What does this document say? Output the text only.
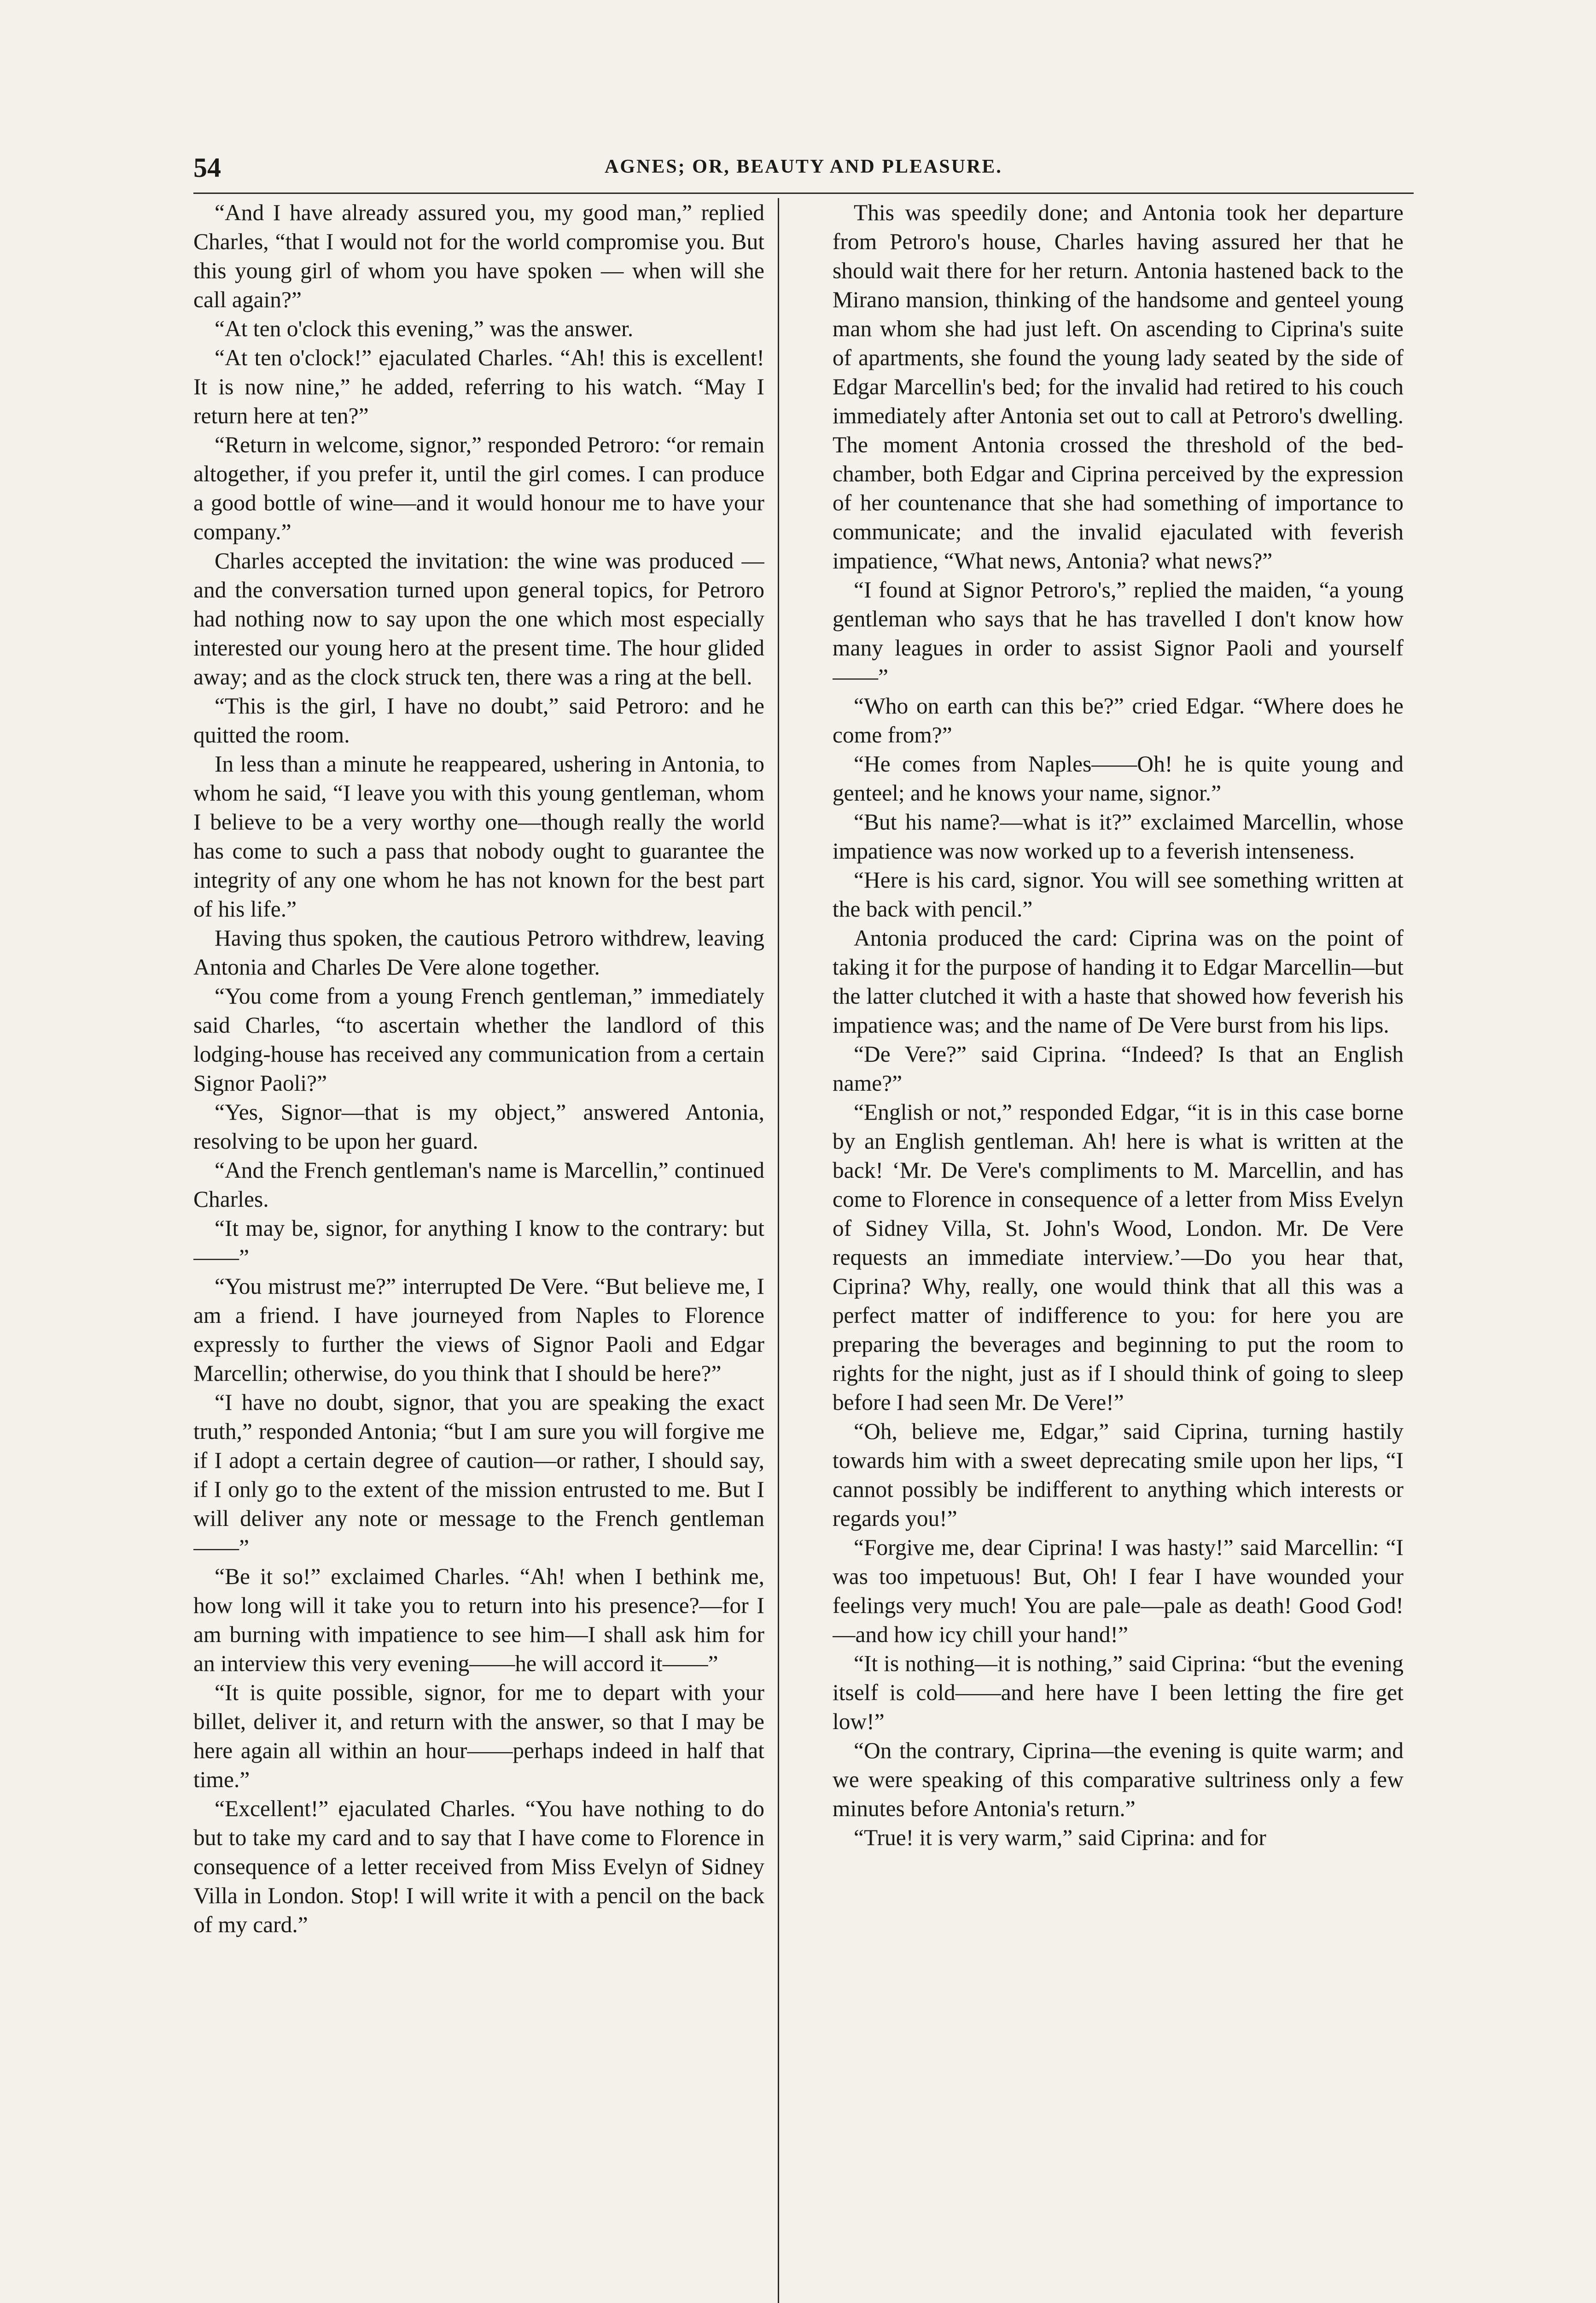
54	AGNES; OR, BEAUTY AND PLEASURE.

“And I have already assured you, my good man,” replied Charles, “that I would not for the world compromise you. But this young girl of whom you have spoken — when will she call again?”

“At ten o'clock this evening,” was the answer.

“At ten o'clock!” ejaculated Charles. “Ah! this is excellent! It is now nine,” he added, referring to his watch. “May I return here at ten?”

“Return in welcome, signor,” responded Petroro: “or remain altogether, if you prefer it, until the girl comes. I can produce a good bottle of wine—and it would honour me to have your company.”

Charles accepted the invitation: the wine was produced — and the conversation turned upon general topics, for Petroro had nothing now to say upon the one which most especially interested our young hero at the present time. The hour glided away; and as the clock struck ten, there was a ring at the bell.

“This is the girl, I have no doubt,” said Petroro: and he quitted the room.

In less than a minute he reappeared, ushering in Antonia, to whom he said, “I leave you with this young gentleman, whom I believe to be a very worthy one—though really the world has come to such a pass that nobody ought to guarantee the integrity of any one whom he has not known for the best part of his life.”

Having thus spoken, the cautious Petroro withdrew, leaving Antonia and Charles De Vere alone together.

“You come from a young French gentleman,” immediately said Charles, “to ascertain whether the landlord of this lodging-house has received any communication from a certain Signor Paoli?”

“Yes, Signor—that is my object,” answered Antonia, resolving to be upon her guard.

“And the French gentleman's name is Marcellin,” continued Charles.

“It may be, signor, for anything I know to the contrary: but——”

“You mistrust me?” interrupted De Vere. “But believe me, I am a friend. I have journeyed from Naples to Florence expressly to further the views of Signor Paoli and Edgar Marcellin; otherwise, do you think that I should be here?”

“I have no doubt, signor, that you are speaking the exact truth,” responded Antonia; “but I am sure you will forgive me if I adopt a certain degree of caution—or rather, I should say, if I only go to the extent of the mission entrusted to me. But I will deliver any note or message to the French gentleman——”

“Be it so!” exclaimed Charles. “Ah! when I bethink me, how long will it take you to return into his presence?—for I am burning with impatience to see him—I shall ask him for an interview this very evening——he will accord it——”

“It is quite possible, signor, for me to depart with your billet, deliver it, and return with the answer, so that I may be here again all within an hour——perhaps indeed in half that time.”

“Excellent!” ejaculated Charles. “You have nothing to do but to take my card and to say that I have come to Florence in consequence of a letter received from Miss Evelyn of Sidney Villa in London. Stop! I will write it with a pencil on the back of my card.”

This was speedily done; and Antonia took her departure from Petroro's house, Charles having assured her that he should wait there for her return. Antonia hastened back to the Mirano mansion, thinking of the handsome and genteel young man whom she had just left. On ascending to Ciprina's suite of apartments, she found the young lady seated by the side of Edgar Marcellin's bed; for the invalid had retired to his couch immediately after Antonia set out to call at Petroro's dwelling. The moment Antonia crossed the threshold of the bed-chamber, both Edgar and Ciprina perceived by the expression of her countenance that she had something of importance to communicate; and the invalid ejaculated with feverish impatience, “What news, Antonia? what news?”

“I found at Signor Petroro's,” replied the maiden, “a young gentleman who says that he has travelled I don't know how many leagues in order to assist Signor Paoli and yourself——”

“Who on earth can this be?” cried Edgar. “Where does he come from?”

“He comes from Naples——Oh! he is quite young and genteel; and he knows your name, signor.”

“But his name?—what is it?” exclaimed Marcellin, whose impatience was now worked up to a feverish intenseness.

“Here is his card, signor. You will see something written at the back with pencil.”

Antonia produced the card: Ciprina was on the point of taking it for the purpose of handing it to Edgar Marcellin—but the latter clutched it with a haste that showed how feverish his impatience was; and the name of De Vere burst from his lips.

“De Vere?” said Ciprina. “Indeed? Is that an English name?”

“English or not,” responded Edgar, “it is in this case borne by an English gentleman. Ah! here is what is written at the back! ‘Mr. De Vere's compliments to M. Marcellin, and has come to Florence in consequence of a letter from Miss Evelyn of Sidney Villa, St. John's Wood, London. Mr. De Vere requests an immediate interview.’—Do you hear that, Ciprina? Why, really, one would think that all this was a perfect matter of indifference to you: for here you are preparing the beverages and beginning to put the room to rights for the night, just as if I should think of going to sleep before I had seen Mr. De Vere!”

“Oh, believe me, Edgar,” said Ciprina, turning hastily towards him with a sweet deprecating smile upon her lips, “I cannot possibly be indifferent to anything which interests or regards you!”

“Forgive me, dear Ciprina! I was hasty!” said Marcellin: “I was too impetuous! But, Oh! I fear I have wounded your feelings very much! You are pale—pale as death! Good God!—and how icy chill your hand!”

“It is nothing—it is nothing,” said Ciprina: “but the evening itself is cold——and here have I been letting the fire get low!”

“On the contrary, Ciprina—the evening is quite warm; and we were speaking of this comparative sultriness only a few minutes before Antonia's return.”

“True! it is very warm,” said Ciprina: and for
